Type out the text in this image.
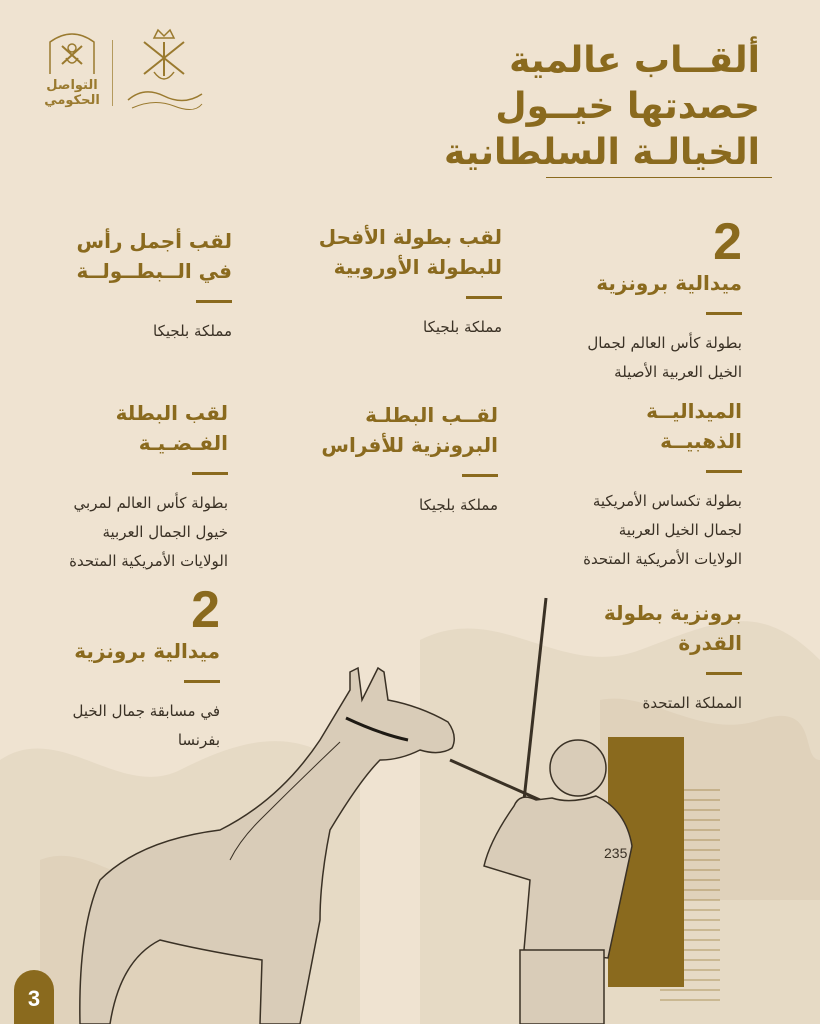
التواصل
الحكومي
ألقــاب عالمية
حصدتها خيــول
الخيالـة السلطانية
2
ميدالية برونزية
بطولة كأس العالم لجمال
الخيل العربية الأصيلة
الميداليــة
الذهبيــة
بطولة تكساس الأمريكية
لجمال الخيل العربية
الولايات الأمريكية المتحدة
برونزية بطولة
القدرة
المملكة المتحدة
لقب بطولة الأفحل
للبطولة الأوروبية
مملكة بلجيكا
لقــب البطلـة
البرونزية للأفراس
مملكة بلجيكا
لقب أجمل رأس
في الــبطــولــة
مملكة بلجيكا
لقب البطلة
الفـضـيـة
بطولة كأس العالم لمربي
خيول الجمال العربية
الولايات الأمريكية المتحدة
2
ميدالية برونزية
في مسابقة جمال الخيل
بفرنسا
235
3
